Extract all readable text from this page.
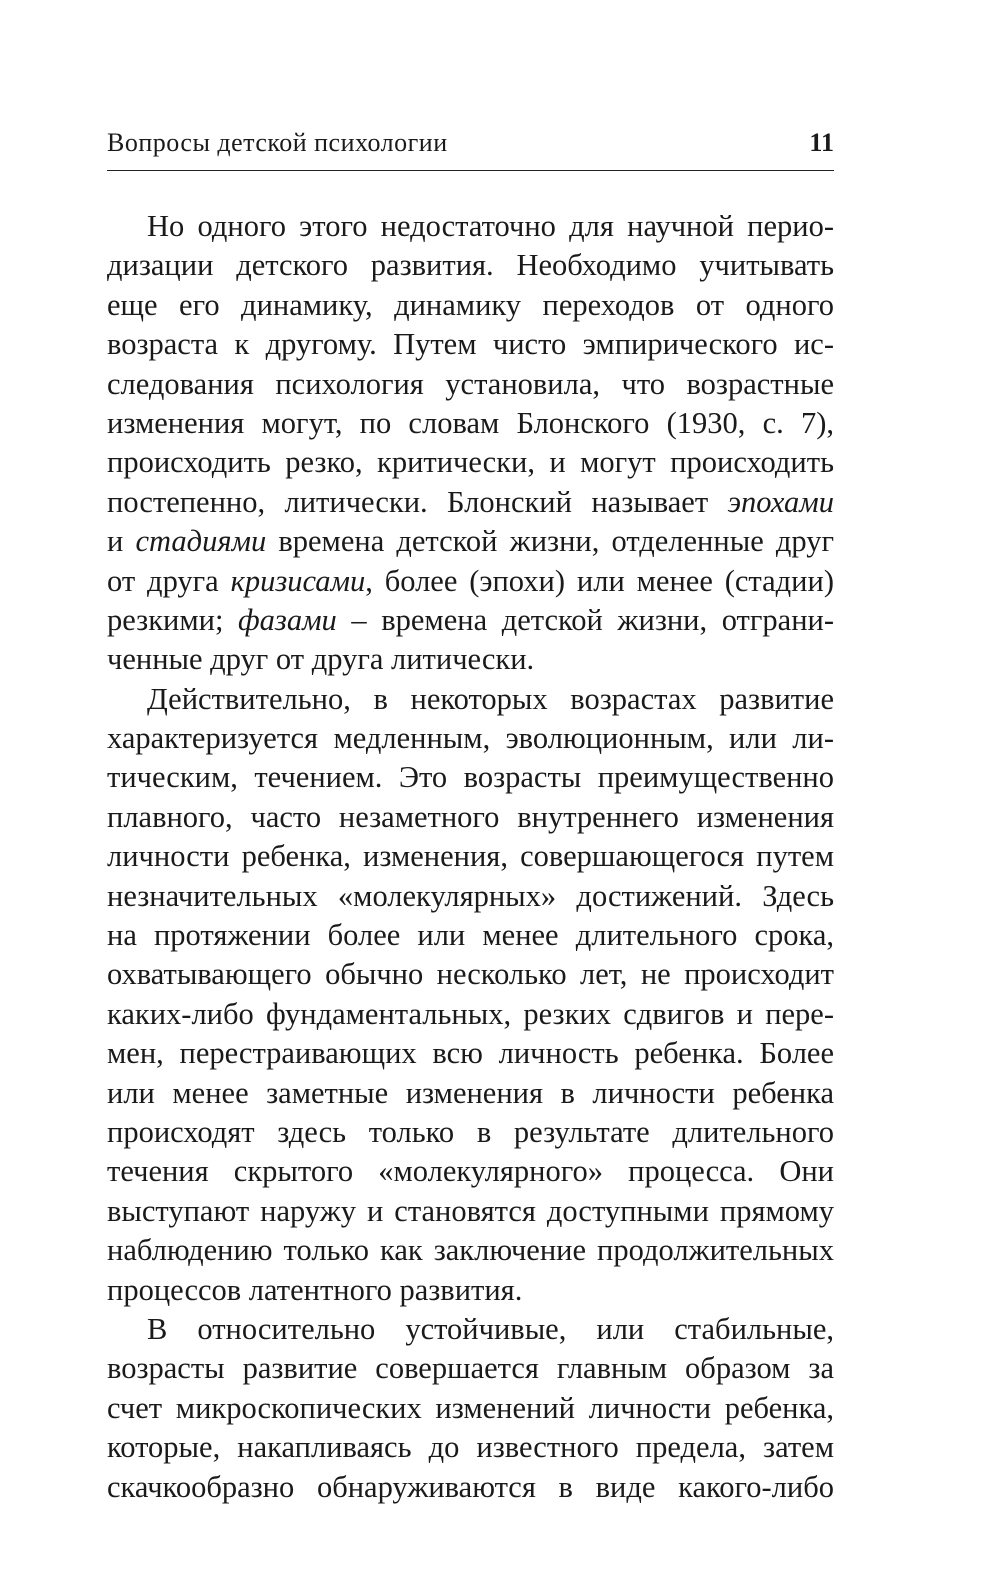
Вопросы детской психологии	11
Но одного этого недостаточно для научной перио-
дизации детского развития. Необходимо учитывать
еще его динамику, динамику переходов от одного
возраста к другому. Путем чисто эмпирического ис-
следования психология установила, что возрастные
изменения могут, по словам Блонского (1930, с. 7),
происходить резко, критически, и могут происходить
постепенно, литически. Блонский называет эпохами
и стадиями времена детской жизни, отделенные друг
от друга кризисами, более (эпохи) или менее (стадии)
резкими; фазами – времена детской жизни, отграни-
ченные друг от друга литически.
Действительно, в некоторых возрастах развитие
характеризуется медленным, эволюционным, или ли-
тическим, течением. Это возрасты преимущественно
плавного, часто незаметного внутреннего изменения
личности ребенка, изменения, совершающегося путем
незначительных «молекулярных» достижений. Здесь
на протяжении более или менее длительного срока,
охватывающего обычно несколько лет, не происходит
каких-либо фундаментальных, резких сдвигов и пере-
мен, перестраивающих всю личность ребенка. Более
или менее заметные изменения в личности ребенка
происходят здесь только в результате длительного
течения скрытого «молекулярного» процесса. Они
выступают наружу и становятся доступными прямому
наблюдению только как заключение продолжительных
процессов латентного развития.
В относительно устойчивые, или стабильные,
возрасты развитие совершается главным образом за
счет микроскопических изменений личности ребенка,
которые, накапливаясь до известного предела, затем
скачкообразно обнаруживаются в виде какого-либо
